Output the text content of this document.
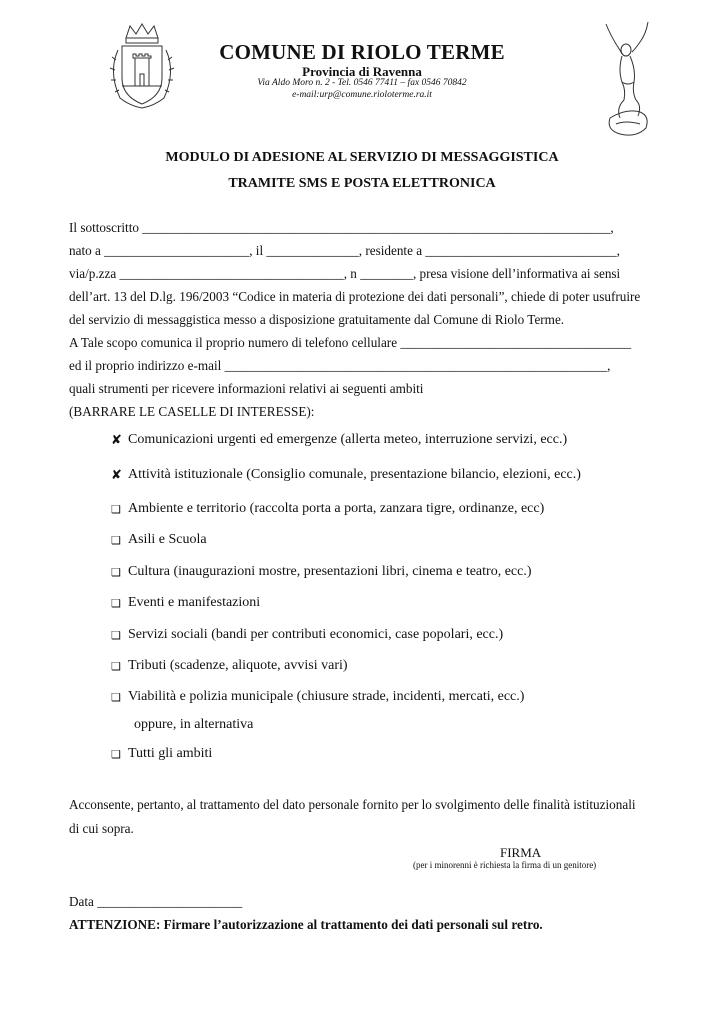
COMUNE DI RIOLO TERME
Provincia di Ravenna
Via Aldo Moro n. 2 - Tel. 0546 77411 – fax 0546 70842
e-mail:urp@comune.rioloterme.ra.it
MODULO DI ADESIONE AL SERVIZIO DI MESSAGGISTICA
TRAMITE SMS E POSTA ELETTRONICA
Il sottoscritto _______________________________________________________________________,
nato a ______________________, il ______________, residente a _____________________________,
via/p.zza __________________________________, n ________, presa visione dell’informativa ai sensi
dell’art. 13 del D.lg. 196/2003 “Codice in materia di protezione dei dati personali”, chiede di poter usufruire
del servizio di messaggistica messo a disposizione gratuitamente dal Comune di Riolo Terme.
A Tale scopo comunica il proprio numero di telefono cellulare ___________________________________
ed il proprio indirizzo e-mail __________________________________________________________,
quali strumenti per ricevere informazioni relativi ai seguenti ambiti
(BARRARE LE CASELLE DI INTERESSE):
✘ Comunicazioni urgenti ed emergenze (allerta meteo, interruzione servizi, ecc.)
✘ Attività istituzionale (Consiglio comunale, presentazione bilancio, elezioni, ecc.)
❑ Ambiente e territorio (raccolta porta a porta, zanzara tigre, ordinanze, ecc)
❑ Asili e Scuola
❑ Cultura (inaugurazioni mostre, presentazioni libri, cinema e teatro, ecc.)
❑ Eventi e manifestazioni
❑ Servizi sociali (bandi per contributi economici, case popolari, ecc.)
❑ Tributi (scadenze, aliquote, avvisi vari)
❑ Viabilità e polizia municipale (chiusure strade, incidenti, mercati, ecc.)
oppure, in alternativa
❑ Tutti gli ambiti
Acconsente, pertanto, al trattamento del dato personale fornito per lo svolgimento delle finalità istituzionali
di cui sopra.
FIRMA
(per i minorenni è richiesta la firma di un genitore)
Data ______________________
ATTENZIONE: Firmare l’autorizzazione al trattamento dei dati personali sul retro.
